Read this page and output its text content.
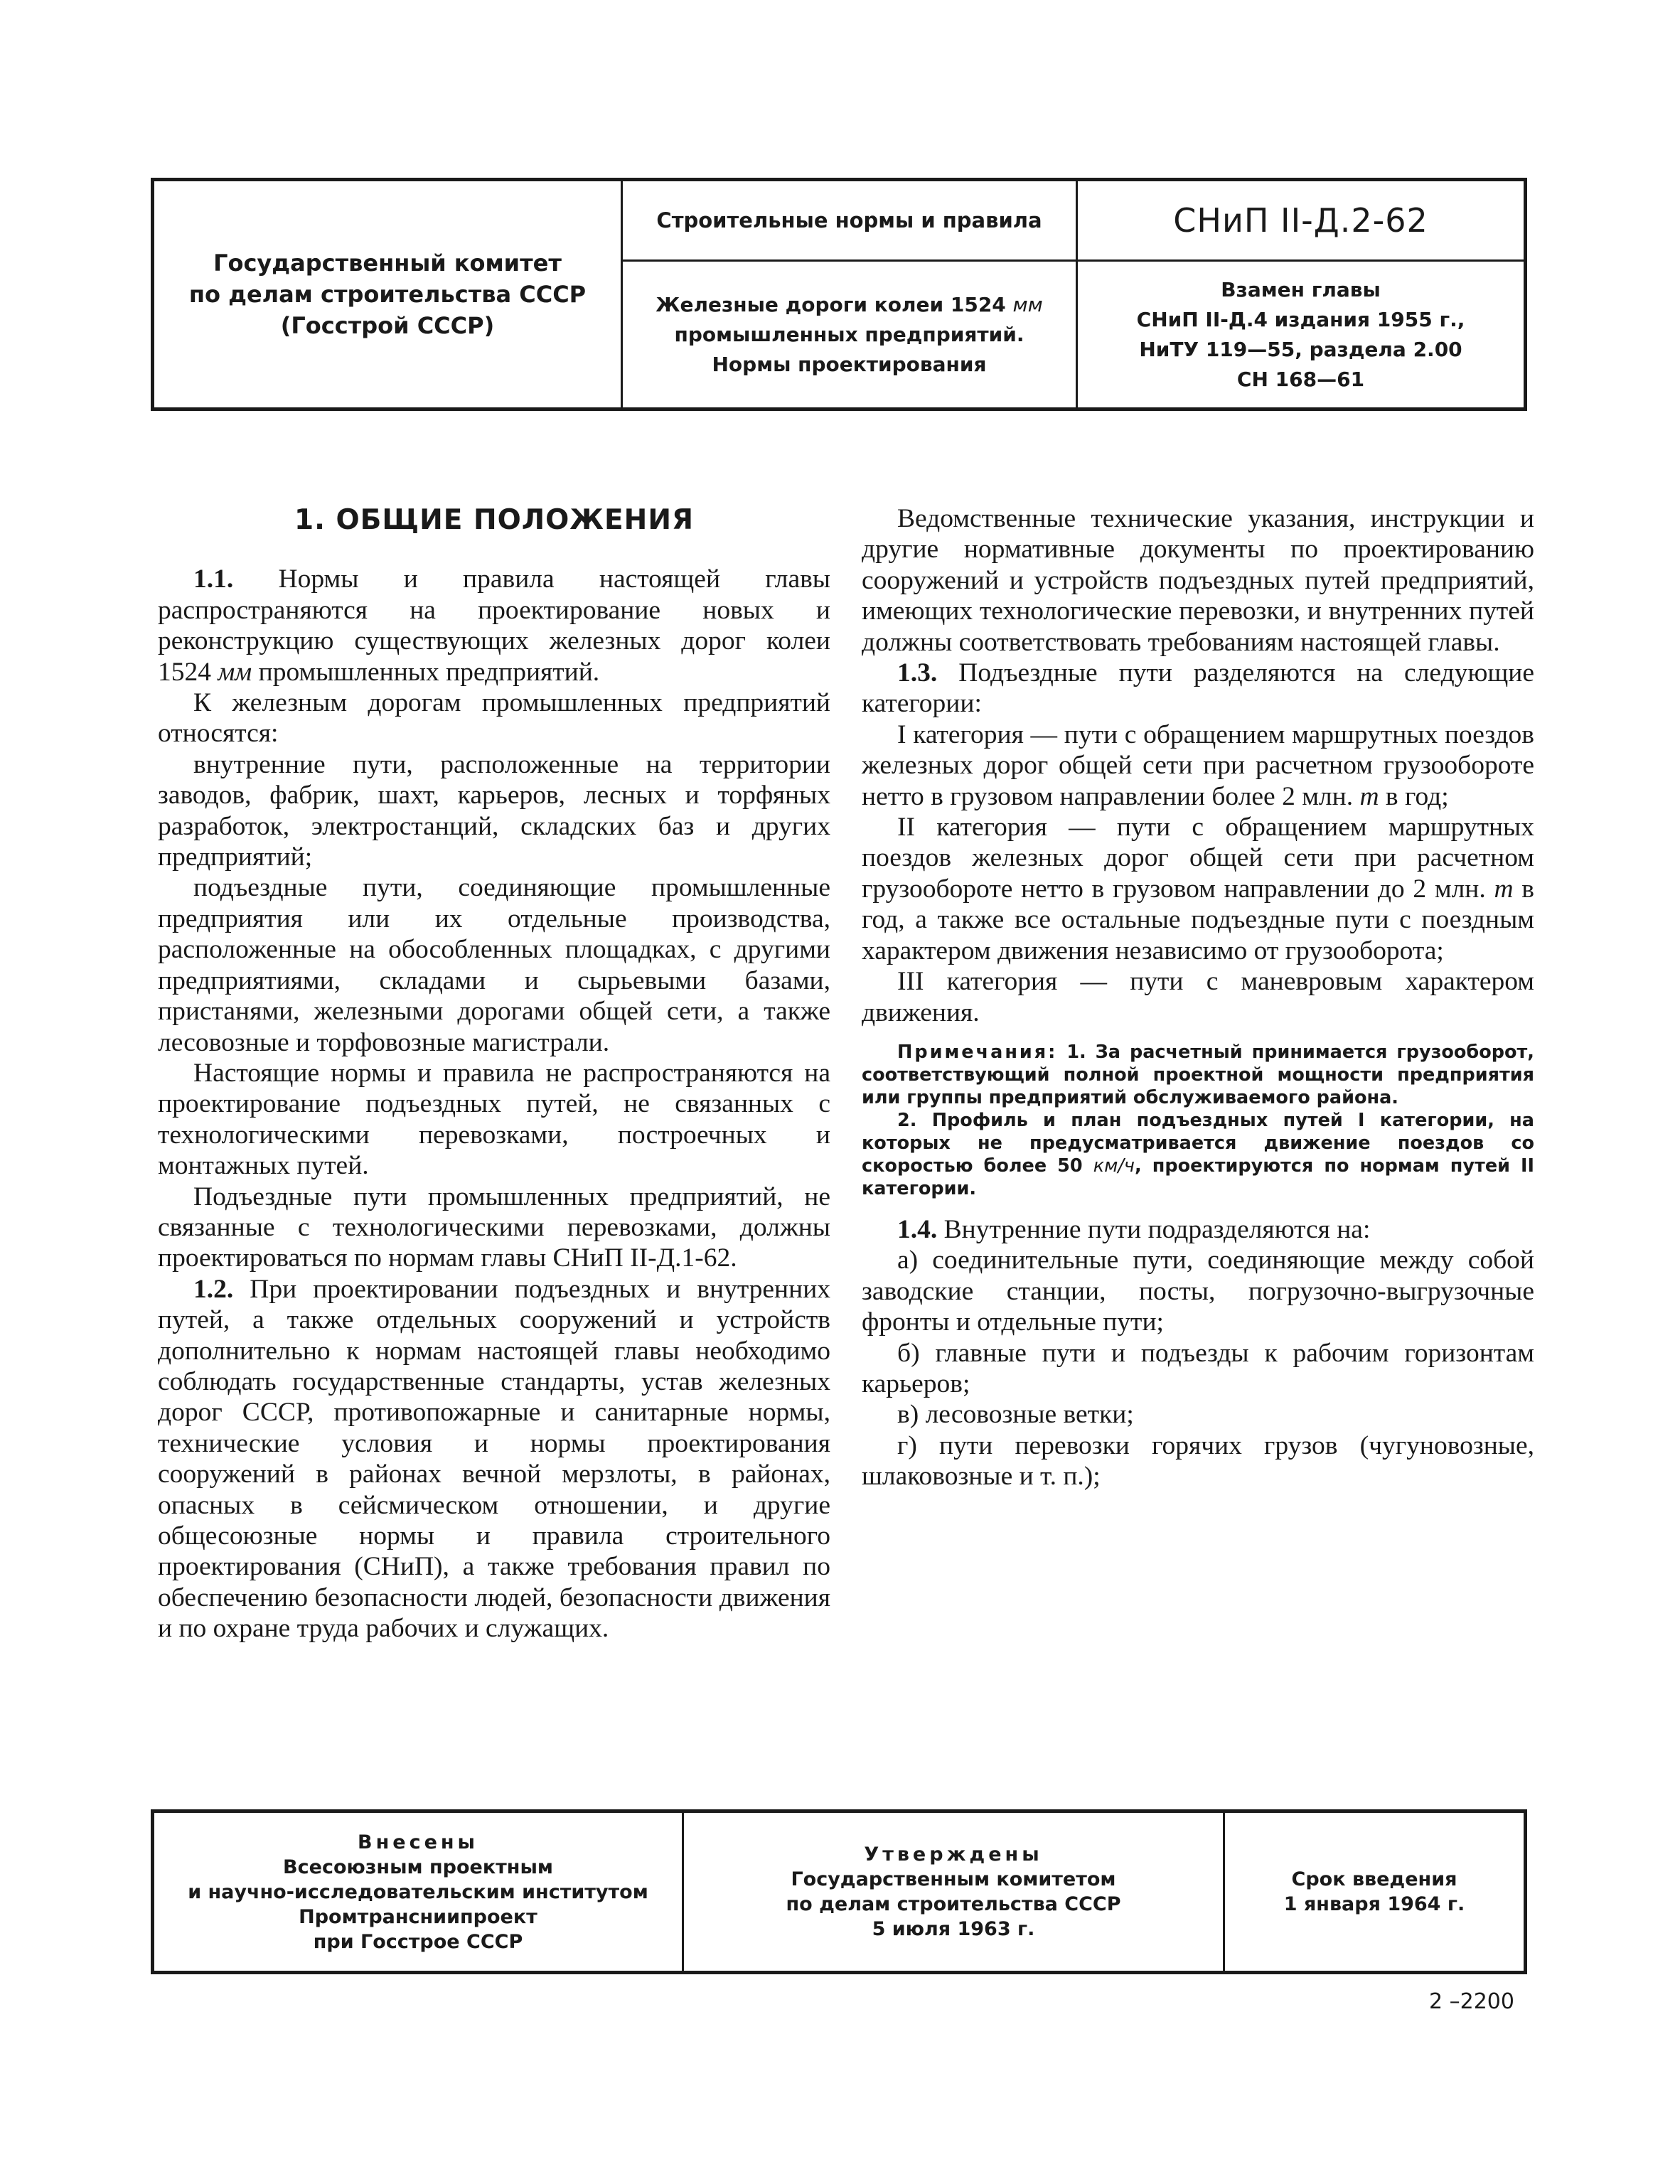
Государственный комитет
по делам строительства СССР
(Госстрой СССР)
Строительные нормы и правила	СНиП II-Д.2-62
Железные дороги колеи 1524 мм
промышленных предприятий.
Нормы проектирования
Взамен главы
СНиП II-Д.4 издания 1955 г.,
НиТУ 119—55, раздела 2.00
СН 168—61
1. ОБЩИЕ ПОЛОЖЕНИЯ

1.1. Нормы и правила настоящей главы распространяются на проектирование новых и реконструкцию существующих железных дорог колеи 1524 мм промышленных предприятий.

К железным дорогам промышленных предприятий относятся:

внутренние пути, расположенные на территории заводов, фабрик, шахт, карьеров, лесных и торфяных разработок, электростанций, складских баз и других предприятий;

подъездные пути, соединяющие промышленные предприятия или их отдельные производства, расположенные на обособленных площадках, с другими предприятиями, складами и сырьевыми базами, пристанями, железными дорогами общей сети, а также лесовозные и торфовозные магистрали.

Настоящие нормы и правила не распространяются на проектирование подъездных путей, не связанных с технологическими перевозками, построечных и монтажных путей.

Подъездные пути промышленных предприятий, не связанные с технологическими перевозками, должны проектироваться по нормам главы СНиП II-Д.1-62.

1.2. При проектировании подъездных и внутренних путей, а также отдельных сооружений и устройств дополнительно к нормам настоящей главы необходимо соблюдать государственные стандарты, устав железных дорог СССР, противопожарные и санитарные нормы, технические условия и нормы проектирования сооружений в районах вечной мерзлоты, в районах, опасных в сейсмическом отношении, и другие общесоюзные нормы и правила строительного проектирования (СНиП), а также требования правил по обеспечению безопасности людей, безопасности движения и по охране труда рабочих и служащих.

Ведомственные технические указания, инструкции и другие нормативные документы по проектированию сооружений и устройств подъездных путей предприятий, имеющих технологические перевозки, и внутренних путей должны соответствовать требованиям настоящей главы.

1.3. Подъездные пути разделяются на следующие категории:

I категория — пути с обращением маршрутных поездов железных дорог общей сети при расчетном грузообороте нетто в грузовом направлении более 2 млн. т в год;

II категория — пути с обращением маршрутных поездов железных дорог общей сети при расчетном грузообороте нетто в грузовом направлении до 2 млн. т в год, а также все остальные подъездные пути с поездным характером движения независимо от грузооборота;

III категория — пути с маневровым характером движения.

Примечания: 1. За расчетный принимается грузооборот, соответствующий полной проектной мощности предприятия или группы предприятий обслуживаемого района.

2. Профиль и план подъездных путей I категории, на которых не предусматривается движение поездов со скоростью более 50 км/ч, проектируются по нормам путей II категории.

1.4. Внутренние пути подразделяются на:

а) соединительные пути, соединяющие между собой заводские станции, посты, погрузочно-выгрузочные фронты и отдельные пути;

б) главные пути и подъезды к рабочим горизонтам карьеров;

в) лесовозные ветки;

г) пути перевозки горячих грузов (чугуновозные, шлаковозные и т. п.);

Внесены
Всесоюзным проектным
и научно-исследовательским институтом
Промтрансниипроект
при Госстрое СССР
Утверждены
Государственным комитетом
по делам строительства СССР
5 июля 1963 г.
Срок введения
1 января 1964 г.
2 –2200
